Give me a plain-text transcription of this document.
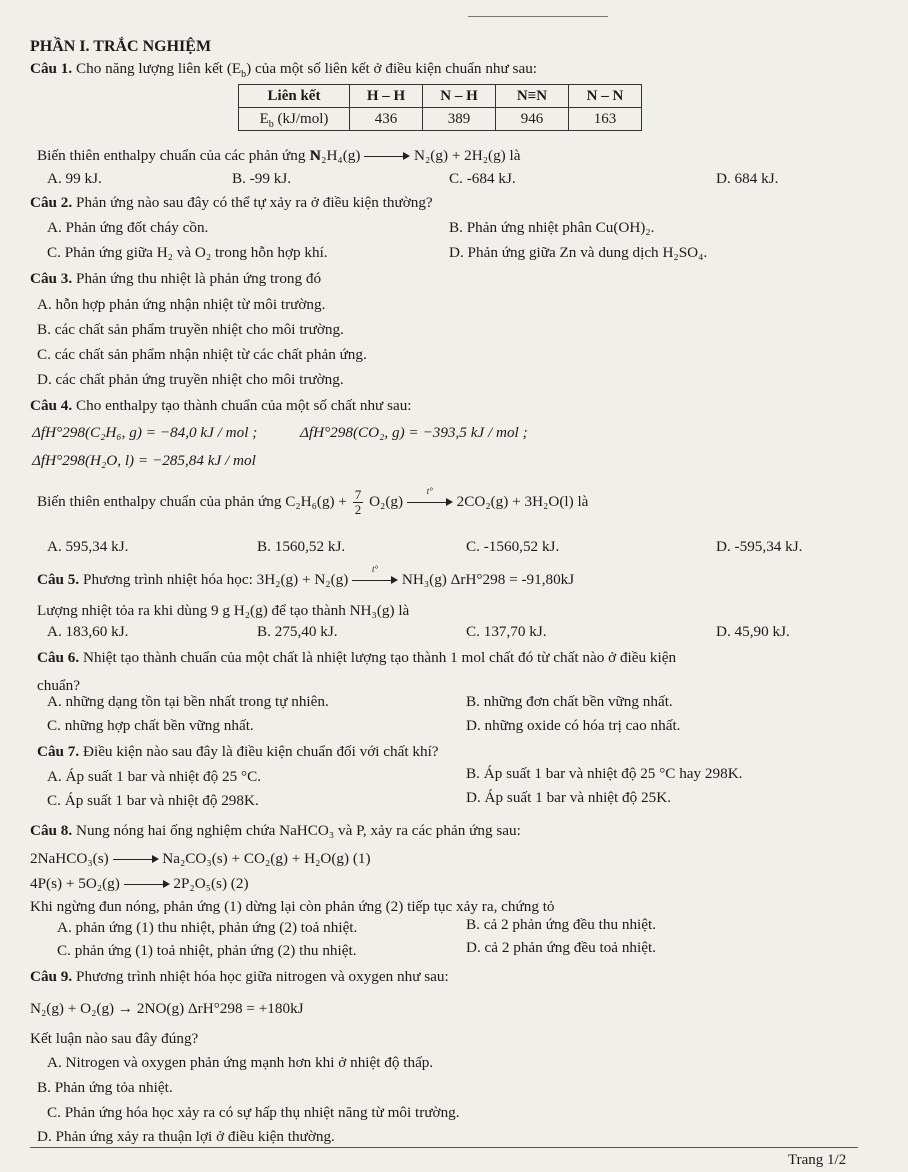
PHẦN I. TRẮC NGHIỆM
Câu 1. Cho năng lượng liên kết $(E_b)$ của một số liên kết ở điều kiện chuẩn như sau:
Liên kết	H – H	N – H	N≡N	N – N
$E_b$ (kJ/mol)	436	389	946	163
Biến thiên enthalpy chuẩn của các phản ứng NN₂H₄(g)	N₂(g) + 2H₂(g) là
A. 99 kJ.	B. -99 kJ.	C. -684 kJ.	D. 684 kJ.
Câu 2. Phản ứng nào sau đây có thể tự xảy ra ở điều kiện thường?
A. Phản ứng đốt cháy cồn.	B. Phản ứng nhiệt phân Cu(OH)₂.
C. Phản ứng giữa H₂ và O₂ trong hỗn hợp khí.	D. Phản ứng giữa Zn và dung dịch H₂SO₄.
Câu 3. Phản ứng thu nhiệt là phản ứng trong đó
A. hỗn hợp phản ứng nhận nhiệt từ môi trường.
B. các chất sản phẩm truyền nhiệt cho môi trường.
C. các chất sản phẩm nhận nhiệt từ các chất phản ứng.
D. các chất phản ứng truyền nhiệt cho môi trường.
Câu 4. Cho enthalpy tạo thành chuẩn của một số chất như sau:
ΔfH°298(C₂H₆, g) = −84,0 kJ / mol ;	ΔfH°298(CO₂, g) = −393,5 kJ / mol ;
ΔfH°298(H₂O, l) = −285,84 kJ / mol
Biến thiên enthalpy chuẩn của phản ứng $C_2H_6(g) + \frac{7}{2} O_2(g)$
t°
2CO₂(g) + 3H₂O(l) là
A. 595,34 kJ.	B. 1560,52 kJ.	C. -1560,52 kJ.	D. -595,34 kJ.
Câu 5. Phương trình nhiệt hóa học: 3H₂(g) + N₂(g)
t°
NH₃(g) ΔrH°298 = -91,80kJ
Lượng nhiệt tỏa ra khi dùng 9 g H₂(g) để tạo thành NH₃(g) là
A. 183,60 kJ.	B. 275,40 kJ.	C. 137,70 kJ.	D. 45,90 kJ.
Câu 6. Nhiệt tạo thành chuẩn của một chất là nhiệt lượng tạo thành 1 mol chất đó từ chất nào ở điều kiện
chuẩn?
A. những dạng tồn tại bền nhất trong tự nhiên.	B. những đơn chất bền vững nhất.
C. những hợp chất bền vững nhất.	D. những oxide có hóa trị cao nhất.
Câu 7. Điều kiện nào sau đây là điều kiện chuẩn đối với chất khí?
A. Áp suất 1 bar và nhiệt độ 25 °C.	B. Áp suất 1 bar và nhiệt độ 25 °C hay 298K.
C. Áp suất 1 bar và nhiệt độ 298K.	D. Áp suất 1 bar và nhiệt độ 25K.
Câu 8. Nung nóng hai ống nghiệm chứa NaHCO₃ và P, xảy ra các phản ứng sau:
2NaHCO₃(s)	Na₂CO₃(s) + CO₂(g) + H₂O(g) (1)
4P(s) + 5O₂(g)	2P₂O₅(s) (2)
Khi ngừng đun nóng, phản ứng (1) dừng lại còn phản ứng (2) tiếp tục xảy ra, chứng tỏ
A. phản ứng (1) thu nhiệt, phản ứng (2) toả nhiệt.	B. cả 2 phản ứng đều thu nhiệt.
C. phản ứng (1) toả nhiệt, phản ứng (2) thu nhiệt.	D. cả 2 phản ứng đều toả nhiệt.
Câu 9. Phương trình nhiệt hóa học giữa nitrogen và oxygen như sau:
N₂(g) + O₂(g) → 2NO(g) ΔrH°298 = +180kJ
Kết luận nào sau đây đúng?
A. Nitrogen và oxygen phản ứng mạnh hơn khi ở nhiệt độ thấp.
B. Phản ứng tỏa nhiệt.
C. Phản ứng hóa học xảy ra có sự hấp thụ nhiệt năng từ môi trường.
D. Phản ứng xảy ra thuận lợi ở điều kiện thường.
Trang 1/2
